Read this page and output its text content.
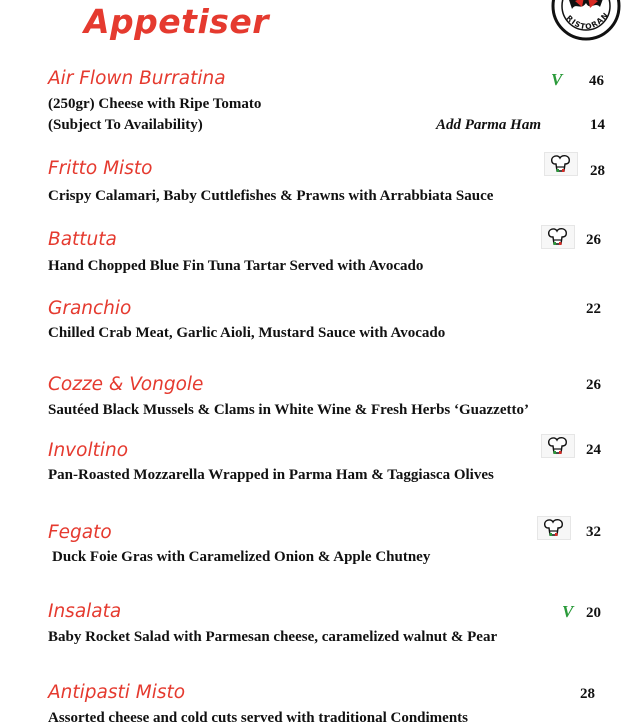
Appetiser	RISTORAN
Air Flown Burratina	V	46
(250gr) Cheese with Ripe Tomato
(Subject To Availability)	Add Parma Ham	14
Fritto Misto	28
Crispy Calamari, Baby Cuttlefishes & Prawns with Arrabbiata Sauce
Battuta	26
Hand Chopped Blue Fin Tuna Tartar Served with Avocado
Granchio	22
Chilled Crab Meat, Garlic Aioli, Mustard Sauce with Avocado
Cozze & Vongole	26
Sautéed Black Mussels & Clams in White Wine & Fresh Herbs ‘Guazzetto’
Involtino	24
Pan-Roasted Mozzarella Wrapped in Parma Ham & Taggiasca Olives
Fegato	32
Duck Foie Gras with Caramelized Onion & Apple Chutney
Insalata	V 20
Baby Rocket Salad with Parmesan cheese, caramelized walnut & Pear
Antipasti Misto	28
Assorted cheese and cold cuts served with traditional Condiments
